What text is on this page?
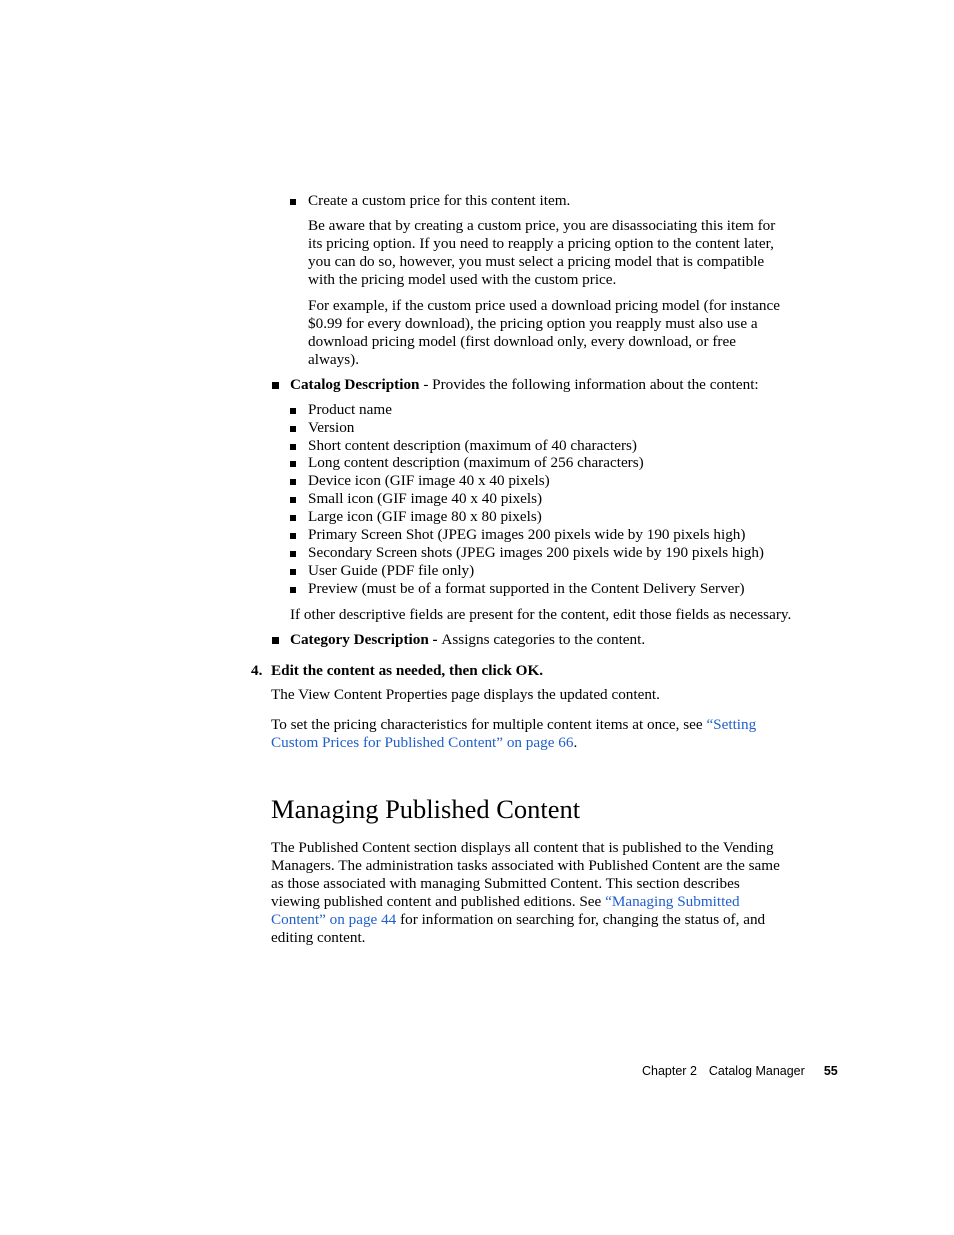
Create a custom price for this content item.

Be aware that by creating a custom price, you are disassociating this item for

its pricing option. If you need to reapply a pricing option to the content later,

you can do so, however, you must select a pricing model that is compatible

with the pricing model used with the custom price.

For example, if the custom price used a download pricing model (for instance

$0.99 for every download), the pricing option you reapply must also use a

download pricing model (first download only, every download, or free

always).

Catalog Description - Provides the following information about the content:
Product name
Version
Short content description (maximum of 40 characters)
Long content description (maximum of 256 characters)
Device icon (GIF image 40 x 40 pixels)
Small icon (GIF image 40 x 40 pixels)
Large icon (GIF image 80 x 80 pixels)
Primary Screen Shot (JPEG images 200 pixels wide by 190 pixels high)
Secondary Screen shots (JPEG images 200 pixels wide by 190 pixels high)
User Guide (PDF file only)
Preview (must be of a format supported in the Content Delivery Server)
If other descriptive fields are present for the content, edit those fields as necessary.
Category Description - Assigns categories to the content.
4. Edit the content as needed, then click OK.
The View Content Properties page displays the updated content.

To set the pricing characteristics for multiple content items at once, see “Setting

Custom Prices for Published Content” on page 66.

Managing Published Content

The Published Content section displays all content that is published to the Vending

Managers. The administration tasks associated with Published Content are the same

as those associated with managing Submitted Content. This section describes

viewing published content and published editions. See “Managing Submitted

Content” on page 44 for information on searching for, changing the status of, and

editing content.

Chapter 2 Catalog Manager 55
